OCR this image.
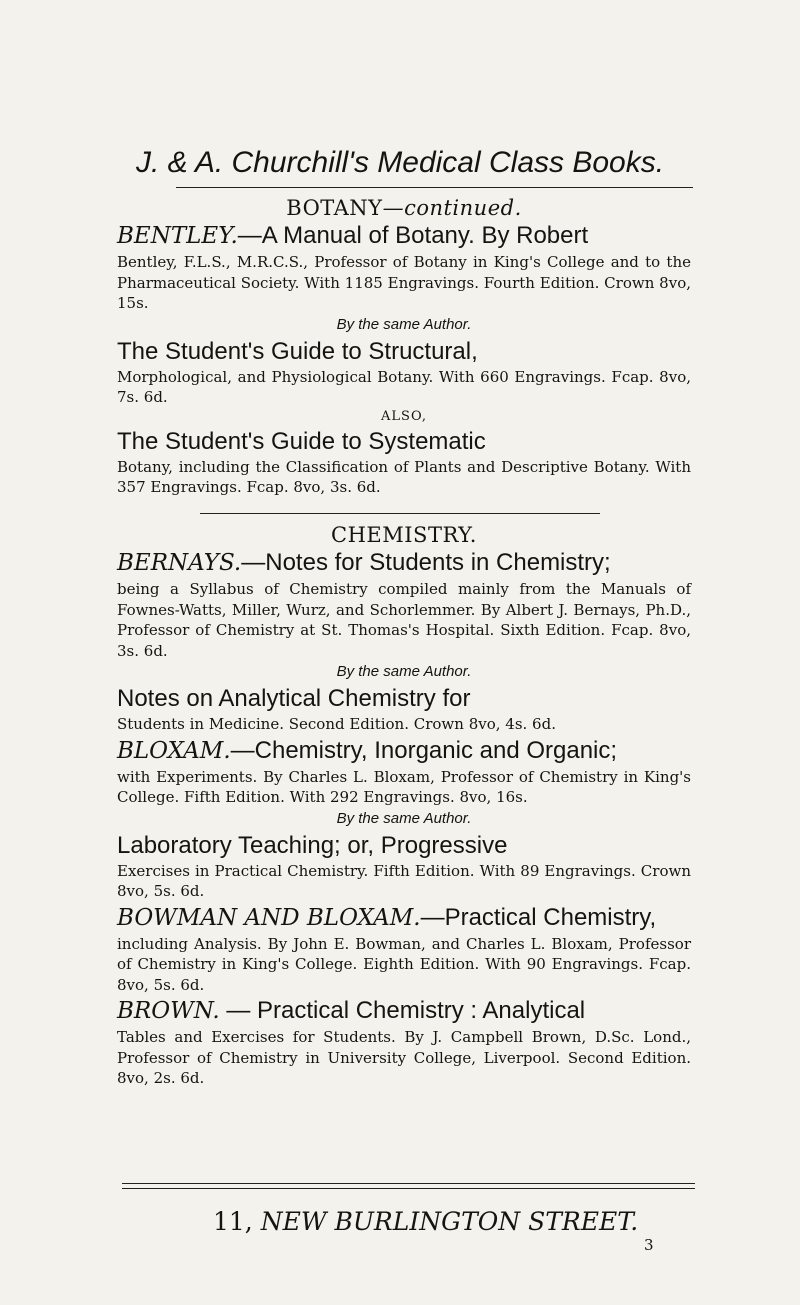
J. & A. Churchill's Medical Class Books.

BOTANY—continued.

BENTLEY.—A Manual of Botany. By Robert
Bentley, F.L.S., M.R.C.S., Professor of Botany in King's College and to the Pharmaceutical Society. With 1185 Engravings. Fourth Edition. Crown 8vo, 15s.
By the same Author.
The Student's Guide to Structural,
Morphological, and Physiological Botany. With 660 Engravings. Fcap. 8vo, 7s. 6d.
ALSO,
The Student's Guide to Systematic
Botany, including the Classification of Plants and Descriptive Botany. With 357 Engravings. Fcap. 8vo, 3s. 6d.

CHEMISTRY.

BERNAYS.—Notes for Students in Chemistry;
being a Syllabus of Chemistry compiled mainly from the Manuals of Fownes-Watts, Miller, Wurz, and Schorlemmer. By Albert J. Bernays, Ph.D., Professor of Chemistry at St. Thomas's Hospital. Sixth Edition. Fcap. 8vo, 3s. 6d.
By the same Author.
Notes on Analytical Chemistry for
Students in Medicine. Second Edition. Crown 8vo, 4s. 6d.
BLOXAM.—Chemistry, Inorganic and Organic;
with Experiments. By Charles L. Bloxam, Professor of Chemistry in King's College. Fifth Edition. With 292 Engravings. 8vo, 16s.
By the same Author.
Laboratory Teaching; or, Progressive
Exercises in Practical Chemistry. Fifth Edition. With 89 Engravings. Crown 8vo, 5s. 6d.
BOWMAN AND BLOXAM.—Practical Chemistry,
including Analysis. By John E. Bowman, and Charles L. Bloxam, Professor of Chemistry in King's College. Eighth Edition. With 90 Engravings. Fcap. 8vo, 5s. 6d.
BROWN. — Practical Chemistry : Analytical
Tables and Exercises for Students. By J. Campbell Brown, D.Sc. Lond., Professor of Chemistry in University College, Liverpool. Second Edition. 8vo, 2s. 6d.
11, NEW BURLINGTON STREET.
3
